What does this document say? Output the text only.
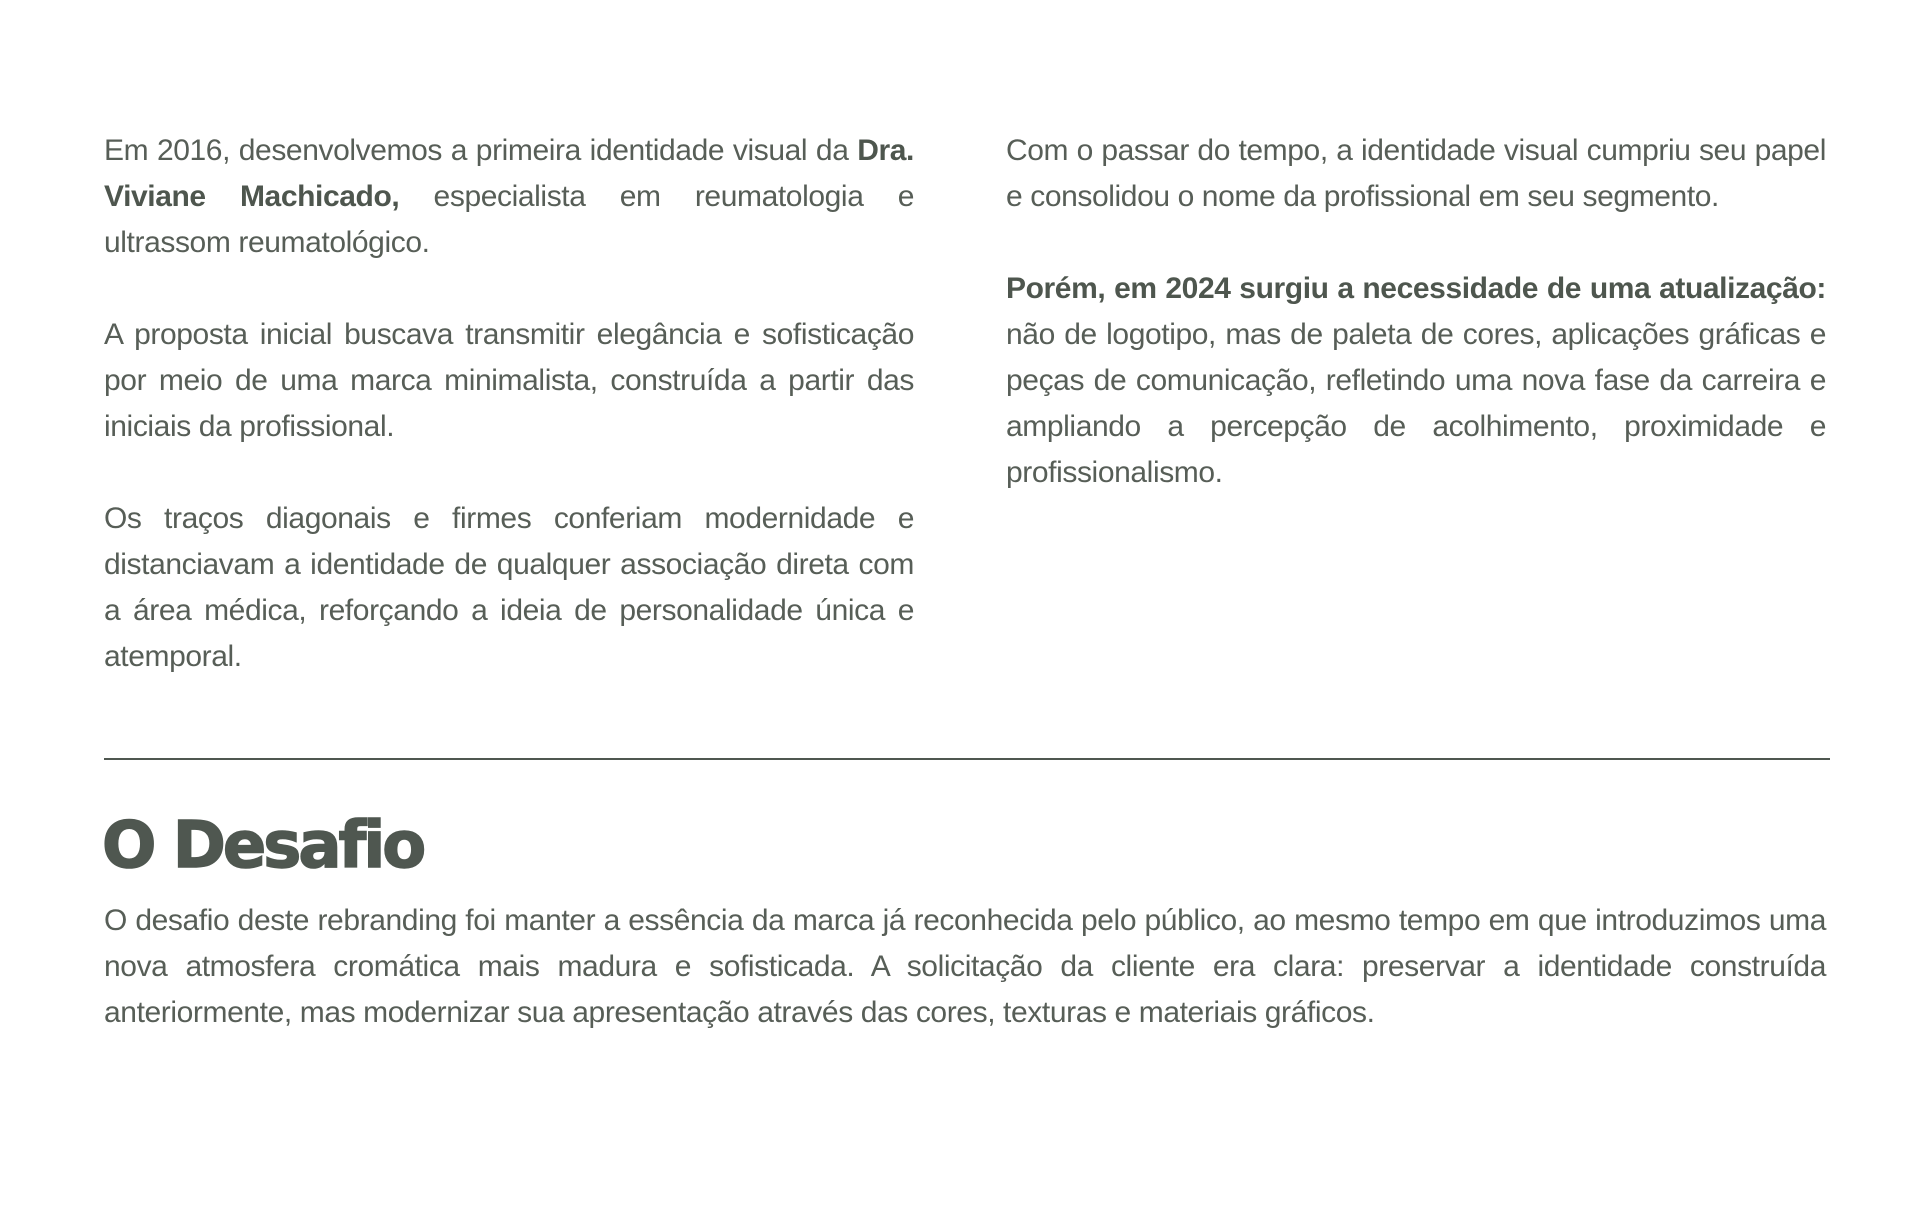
Em 2016, desenvolvemos a primeira identidade visual da Dra. Viviane Machicado, especialista em reumatologia e ultrassom reumatológico.

A proposta inicial buscava transmitir elegância e sofisticação por meio de uma marca minimalista, construída a partir das iniciais da profissional.

Os traços diagonais e firmes conferiam modernidade e distanciavam a identidade de qualquer associação direta com a área médica, reforçando a ideia de personalidade única e atemporal.

Com o passar do tempo, a identidade visual cumpriu seu papel e consolidou o nome da profissional em seu segmento.

Porém, em 2024 surgiu a necessidade de uma atualização: não de logotipo, mas de paleta de cores, aplicações gráficas e peças de comunicação, refletindo uma nova fase da carreira e ampliando a percepção de acolhimento, proximidade e profissionalismo.

O Desafio

O desafio deste rebranding foi manter a essência da marca já reconhecida pelo público, ao mesmo tempo em que introduzimos uma nova atmosfera cromática mais madura e sofisticada. A solicitação da cliente era clara: preservar a identidade construída anteriormente, mas modernizar sua apresentação através das cores, texturas e materiais gráficos.
